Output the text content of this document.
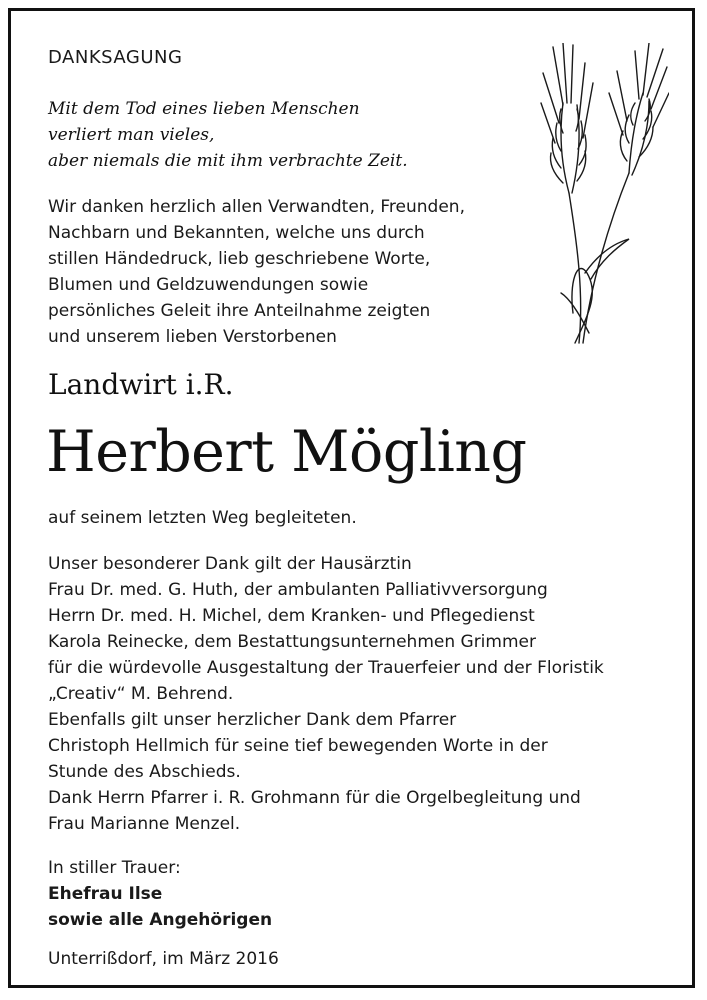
DANKSAGUNG
Mit dem Tod eines lieben Menschen
verliert man vieles,
aber niemals die mit ihm verbrachte Zeit.
Wir danken herzlich allen Verwandten, Freunden,
Nachbarn und Bekannten, welche uns durch
stillen Händedruck, lieb geschriebene Worte,
Blumen und Geldzuwendungen sowie
persönliches Geleit ihre Anteilnahme zeigten
und unserem lieben Verstorbenen
Landwirt i.R.
Herbert Mögling
auf seinem letzten Weg begleiteten.
Unser besonderer Dank gilt der Hausärztin
Frau Dr. med. G. Huth, der ambulanten Palliativversorgung
Herrn Dr. med. H. Michel, dem Kranken- und Pflegedienst
Karola Reinecke, dem Bestattungsunternehmen Grimmer
für die würdevolle Ausgestaltung der Trauerfeier und der Floristik
„Creativ“ M. Behrend.
Ebenfalls gilt unser herzlicher Dank dem Pfarrer
Christoph Hellmich für seine tief bewegenden Worte in der
Stunde des Abschieds.
Dank Herrn Pfarrer i. R. Grohmann für die Orgelbegleitung und
Frau Marianne Menzel.
In stiller Trauer:
Ehefrau Ilse
sowie alle Angehörigen
Unterrißdorf, im März 2016
